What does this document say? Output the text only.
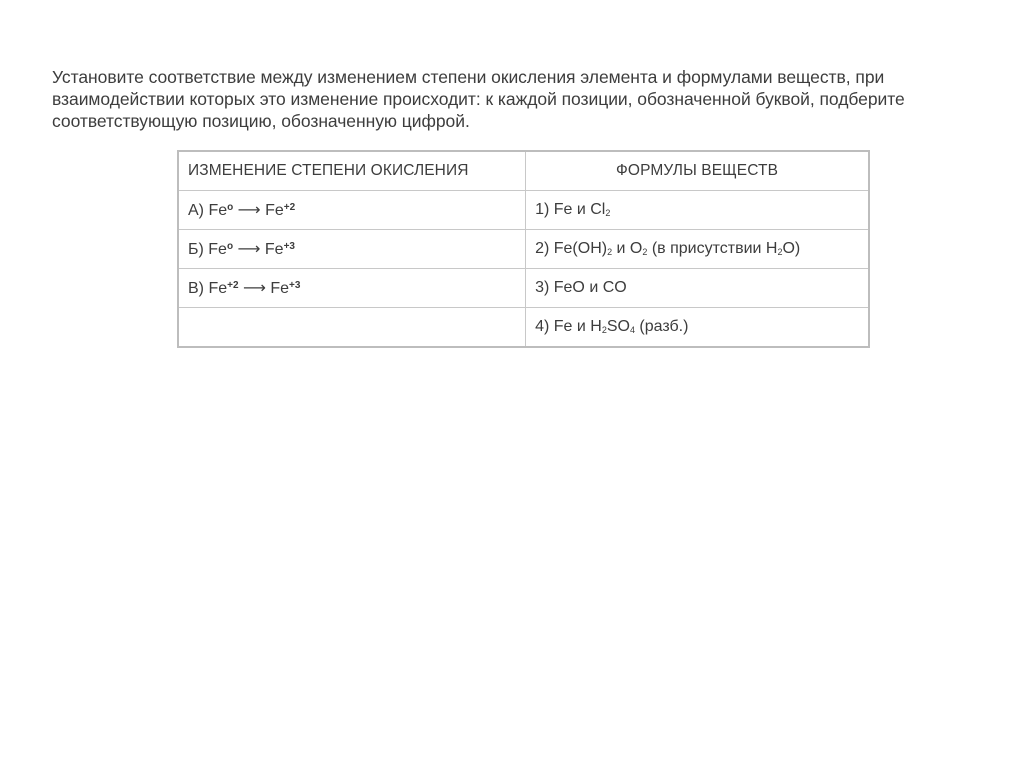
Установите соответствие между изменением степени окисления элемента и формулами веществ, при взаимодействии которых это изменение происходит: к каждой позиции, обозначенной буквой, подберите соответствующую позицию, обозначенную цифрой.

ИЗМЕНЕНИЕ СТЕПЕНИ ОКИСЛЕНИЯ	ФОРМУЛЫ ВЕЩЕСТВ
А) Fe$^o$ ⟶ $Fe^{+2}$	1) Fe и $Cl_2$
Б) Fe$^o$ ⟶ $Fe^{+3}$	2) $Fe(OH)_2$ и $O_2$ (в присутствии $H_2O$)
В) $Fe^{+2}$ ⟶ $Fe^{+3}$	3) FeO и CO
	4) Fe и $H_2SO_4$ (разб.)
